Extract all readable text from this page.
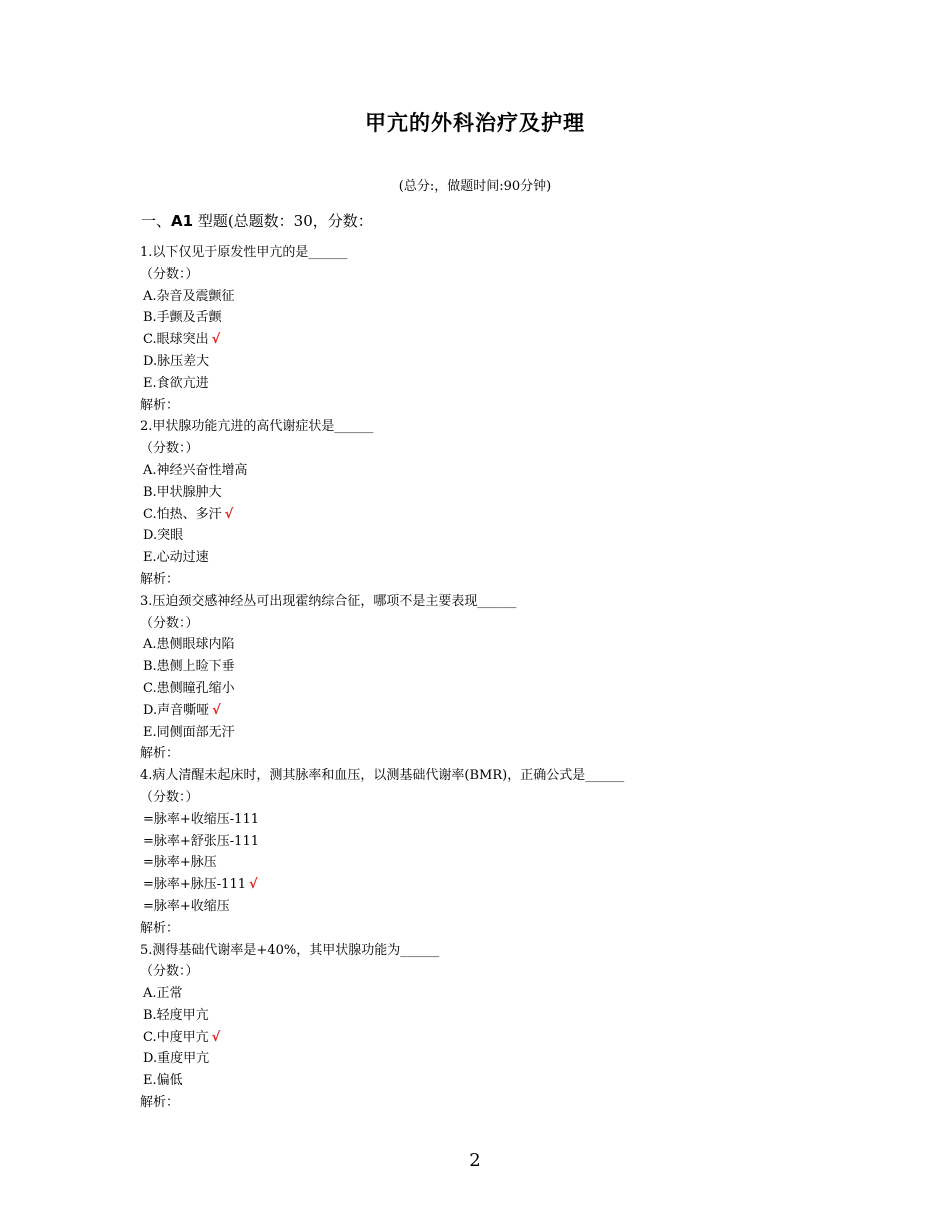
甲亢的外科治疗及护理
(总分:，做题时间:90分钟)
一、A1 型题(总题数：30，分数：
1.以下仅见于原发性甲亢的是______
（分数：）
A.杂音及震颤征
B.手颤及舌颤
C.眼球突出 √
D.脉压差大
E.食欲亢进
解析：
2.甲状腺功能亢进的高代谢症状是______
（分数：）
A.神经兴奋性增高
B.甲状腺肿大
C.怕热、多汗 √
D.突眼
E.心动过速
解析：
3.压迫颈交感神经丛可出现霍纳综合征，哪项不是主要表现______
（分数：）
A.患侧眼球内陷
B.患侧上睑下垂
C.患侧瞳孔缩小
D.声音嘶哑 √
E.同侧面部无汗
解析：
4.病人清醒未起床时，测其脉率和血压，以测基础代谢率(BMR)，正确公式是______
（分数：）
=脉率+收缩压-111
=脉率+舒张压-111
=脉率+脉压
=脉率+脉压-111 √
=脉率+收缩压
解析：
5.测得基础代谢率是+40%，其甲状腺功能为______
（分数：）
A.正常
B.轻度甲亢
C.中度甲亢 √
D.重度甲亢
E.偏低
解析：
2
